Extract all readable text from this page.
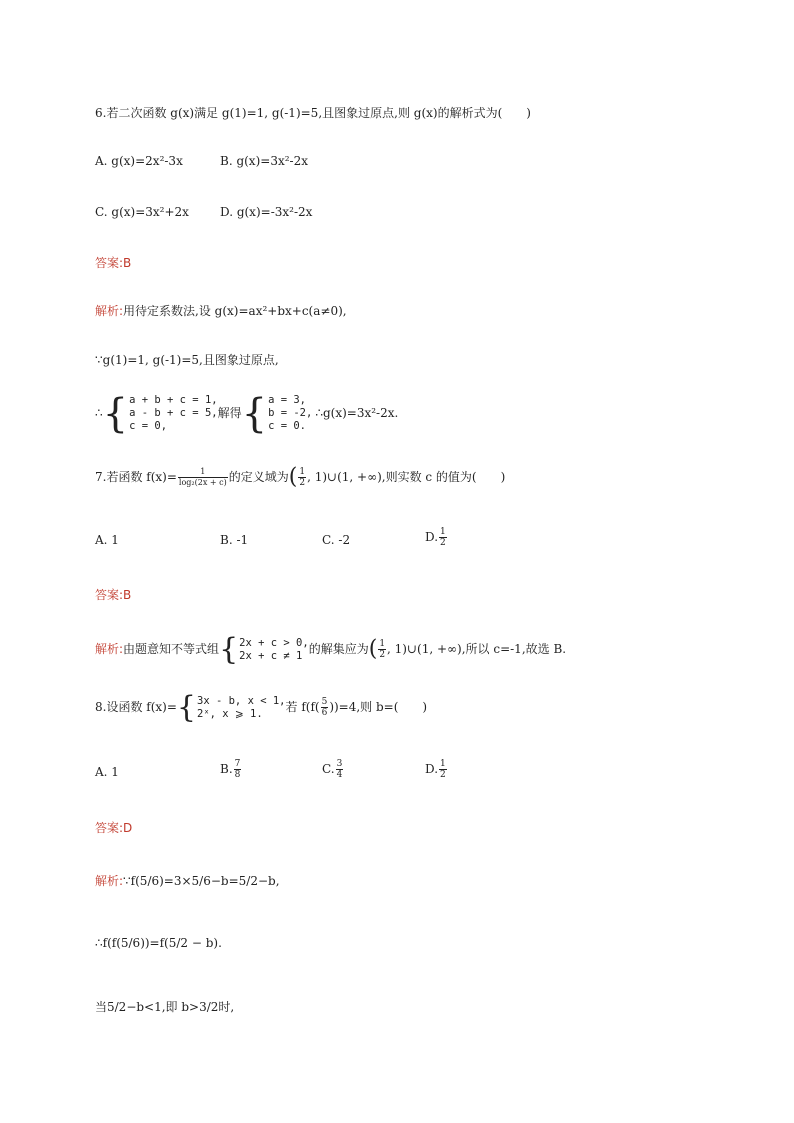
6.若二次函数 g(x)满足 g(1)=1, g(-1)=5,且图象过原点,则 g(x)的解析式为(　　)
A. g(x)=2x²-3x	B. g(x)=3x²-2x
C. g(x)=3x²+2x	D. g(x)=-3x²-2x
答案:B
解析:用待定系数法,设 g(x)=ax²+bx+c(a≠0),
∵g(1)=1, g(-1)=5,且图象过原点,
∴{ a + b + c = 1,
a - b + c = 5,
c = 0,
解得{ a = 3,
b = -2,
c = 0.
∴g(x)=3x²-2x.
7.若函数 $f(x)= \frac{1}{\text{log₂(2x + c)}}$ 的定义域为( $\frac{1}{2}$ , 1)∪(1, +∞),则实数 c 的值为(　　)
A. 1	B. -1	C. -2	D. $\frac{1}{2}$
答案:B
解析:由题意知不等式组{ 2x + c > 0,
2x + c ≠ 1 的解集应为( $\frac{1}{2}$ , 1)∪(1, +∞),所以 c=-1,故选 B.
8.设函数 f(x)={ 3x - b, x < 1,
2ˣ, x ⩾ 1.	若 $f(f( \frac{5}{6} ))=4$,则 b=(　　)
A. 1	B. $\frac{7}{8}$	C. $\frac{3}{4}$	D. $\frac{1}{2}$
答案:D
解析:∵f(5/6)=3×5/6−b=5/2−b,
∴f(f(5/6))=f(5/2 − b).
当5/2−b<1,即 b>3/2时,
